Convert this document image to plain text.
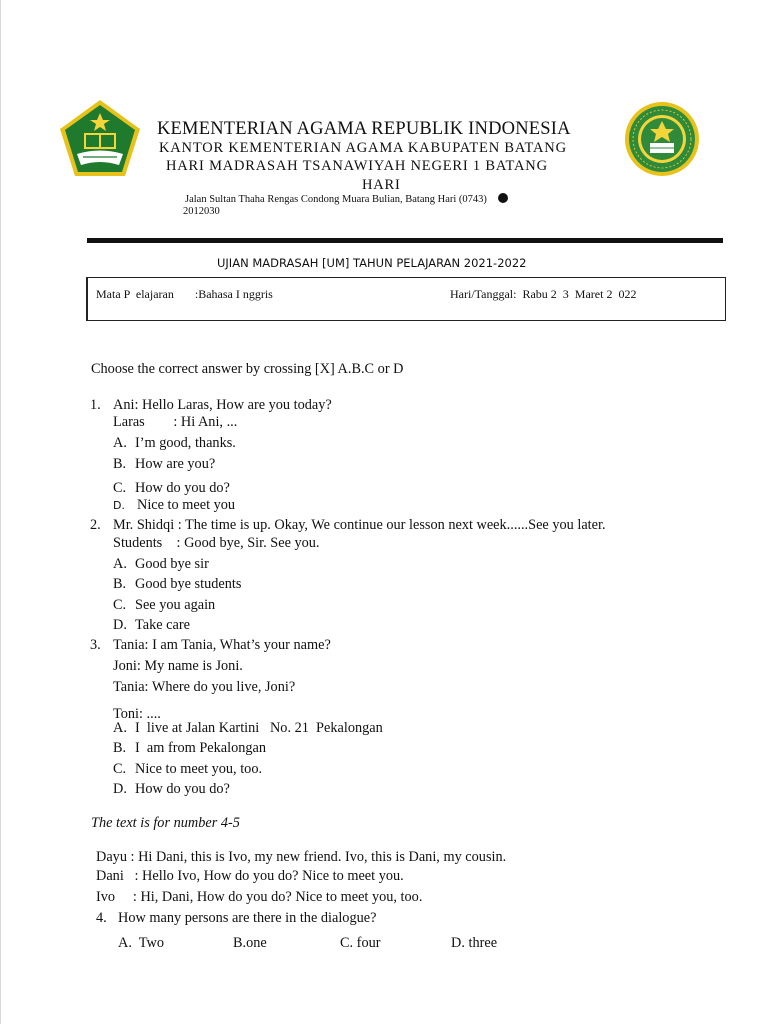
KEMENTERIAN AGAMA REPUBLIK INDONESIA
KANTOR KEMENTERIAN AGAMA KABUPATEN BATANG
HARI MADRASAH TSANAWIYAH NEGERI 1 BATANG
HARI
Jalan Sultan Thaha Rengas Condong Muara Bulian, Batang Hari (0743)
2012030
UJIAN MADRASAH [UM] TAHUN PELAJARAN 2021-2022
Mata P  elajaran       :Bahasa I nggris	Hari/Tanggal:  Rabu 2  3  Maret 2  022
Choose the correct answer by crossing [X] A.B.C or D
1. Ani: Hello Laras, How are you today?
Laras        : Hi Ani, ...
A. I’m good, thanks.
B. How are you?
C. How do you do?
D. Nice to meet you
2. Mr. Shidqi : The time is up. Okay, We continue our lesson next week......See you later.
Students    : Good bye, Sir. See you.
A. Good bye sir
B. Good bye students
C. See you again
D. Take care
3. Tania: I am Tania, What’s your name?
Joni: My name is Joni.
Tania: Where do you live, Joni?
Toni: ....
A. I  live at Jalan Kartini   No. 21  Pekalongan
B. I  am from Pekalongan
C. Nice to meet you, too.
D. How do you do?
The text is for number 4-5
Dayu : Hi Dani, this is Ivo, my new friend. Ivo, this is Dani, my cousin.
Dani   : Hello Ivo, How do you do? Nice to meet you.
Ivo     : Hi, Dani, How do you do? Nice to meet you, too.
4. How many persons are there in the dialogue?
A.  Two	B.one	C. four	D. three
